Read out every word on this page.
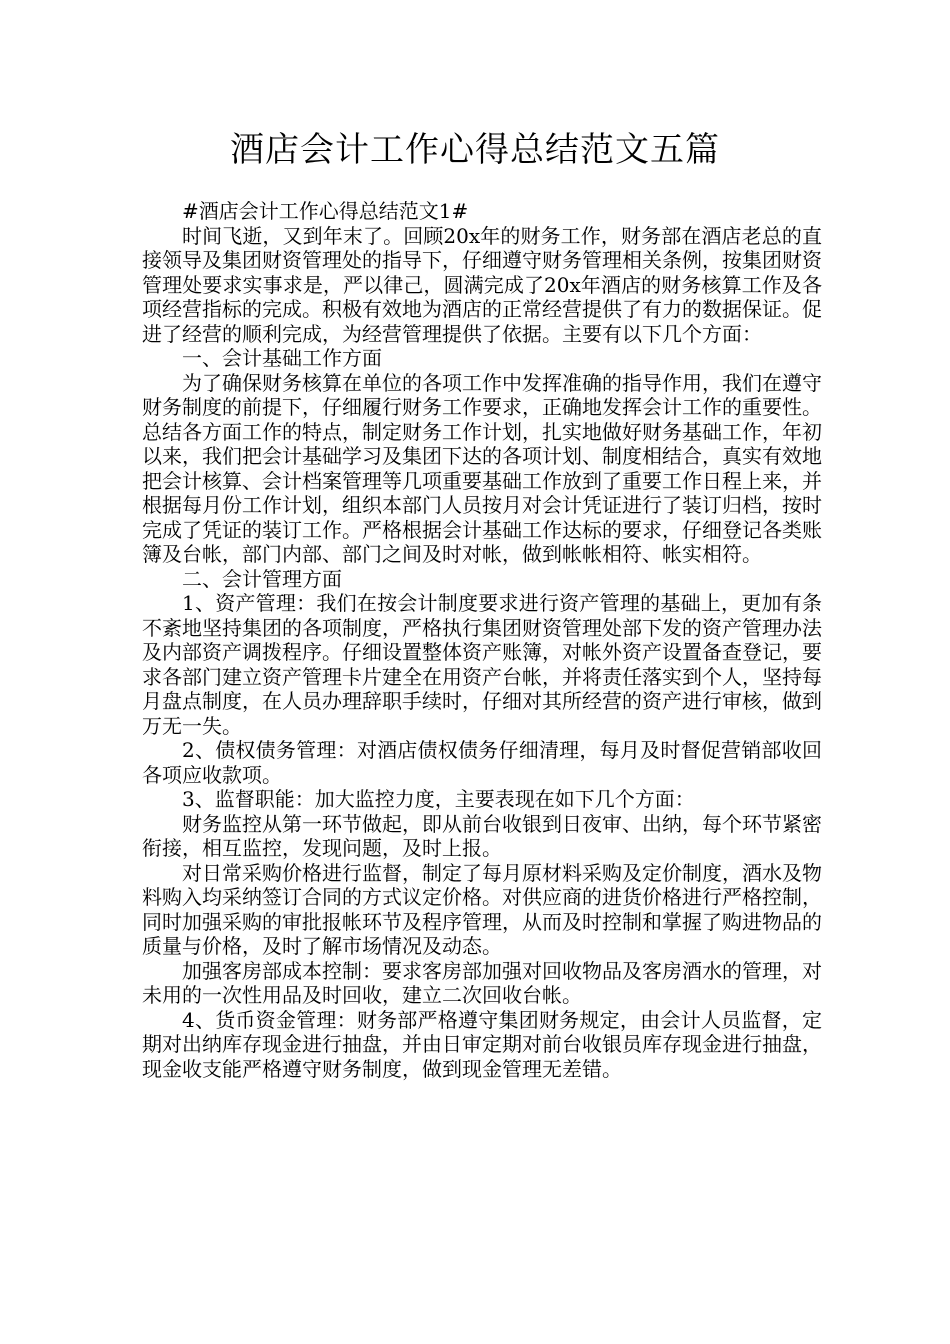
酒店会计工作心得总结范文五篇

#酒店会计工作心得总结范文1#

时间飞逝，又到年末了。回顾20x年的财务工作，财务部在酒店老总的直接领导及集团财资管理处的指导下，仔细遵守财务管理相关条例，按集团财资管理处要求实事求是，严以律己，圆满完成了20x年酒店的财务核算工作及各项经营指标的完成。积极有效地为酒店的正常经营提供了有力的数据保证。促进了经营的顺利完成，为经营管理提供了依据。主要有以下几个方面：

一、会计基础工作方面

为了确保财务核算在单位的各项工作中发挥准确的指导作用，我们在遵守财务制度的前提下，仔细履行财务工作要求，正确地发挥会计工作的重要性。总结各方面工作的特点，制定财务工作计划，扎实地做好财务基础工作，年初以来，我们把会计基础学习及集团下达的各项计划、制度相结合，真实有效地把会计核算、会计档案管理等几项重要基础工作放到了重要工作日程上来，并根据每月份工作计划，组织本部门人员按月对会计凭证进行了装订归档，按时完成了凭证的装订工作。严格根据会计基础工作达标的要求，仔细登记各类账簿及台帐，部门内部、部门之间及时对帐，做到帐帐相符、帐实相符。

二、会计管理方面

1、资产管理：我们在按会计制度要求进行资产管理的基础上，更加有条不紊地坚持集团的各项制度，严格执行集团财资管理处部下发的资产管理办法及内部资产调拨程序。仔细设置整体资产账簿，对帐外资产设置备查登记，要求各部门建立资产管理卡片建全在用资产台帐，并将责任落实到个人，坚持每月盘点制度，在人员办理辞职手续时，仔细对其所经营的资产进行审核，做到万无一失。

2、债权债务管理：对酒店债权债务仔细清理，每月及时督促营销部收回各项应收款项。

3、监督职能：加大监控力度，主要表现在如下几个方面：

财务监控从第一环节做起，即从前台收银到日夜审、出纳，每个环节紧密衔接，相互监控，发现问题，及时上报。

对日常采购价格进行监督，制定了每月原材料采购及定价制度，酒水及物料购入均采纳签订合同的方式议定价格。对供应商的进货价格进行严格控制，同时加强采购的审批报帐环节及程序管理，从而及时控制和掌握了购进物品的质量与价格，及时了解市场情况及动态。

加强客房部成本控制：要求客房部加强对回收物品及客房酒水的管理，对未用的一次性用品及时回收，建立二次回收台帐。

4、货币资金管理：财务部严格遵守集团财务规定，由会计人员监督，定期对出纳库存现金进行抽盘，并由日审定期对前台收银员库存现金进行抽盘，现金收支能严格遵守财务制度，做到现金管理无差错。
